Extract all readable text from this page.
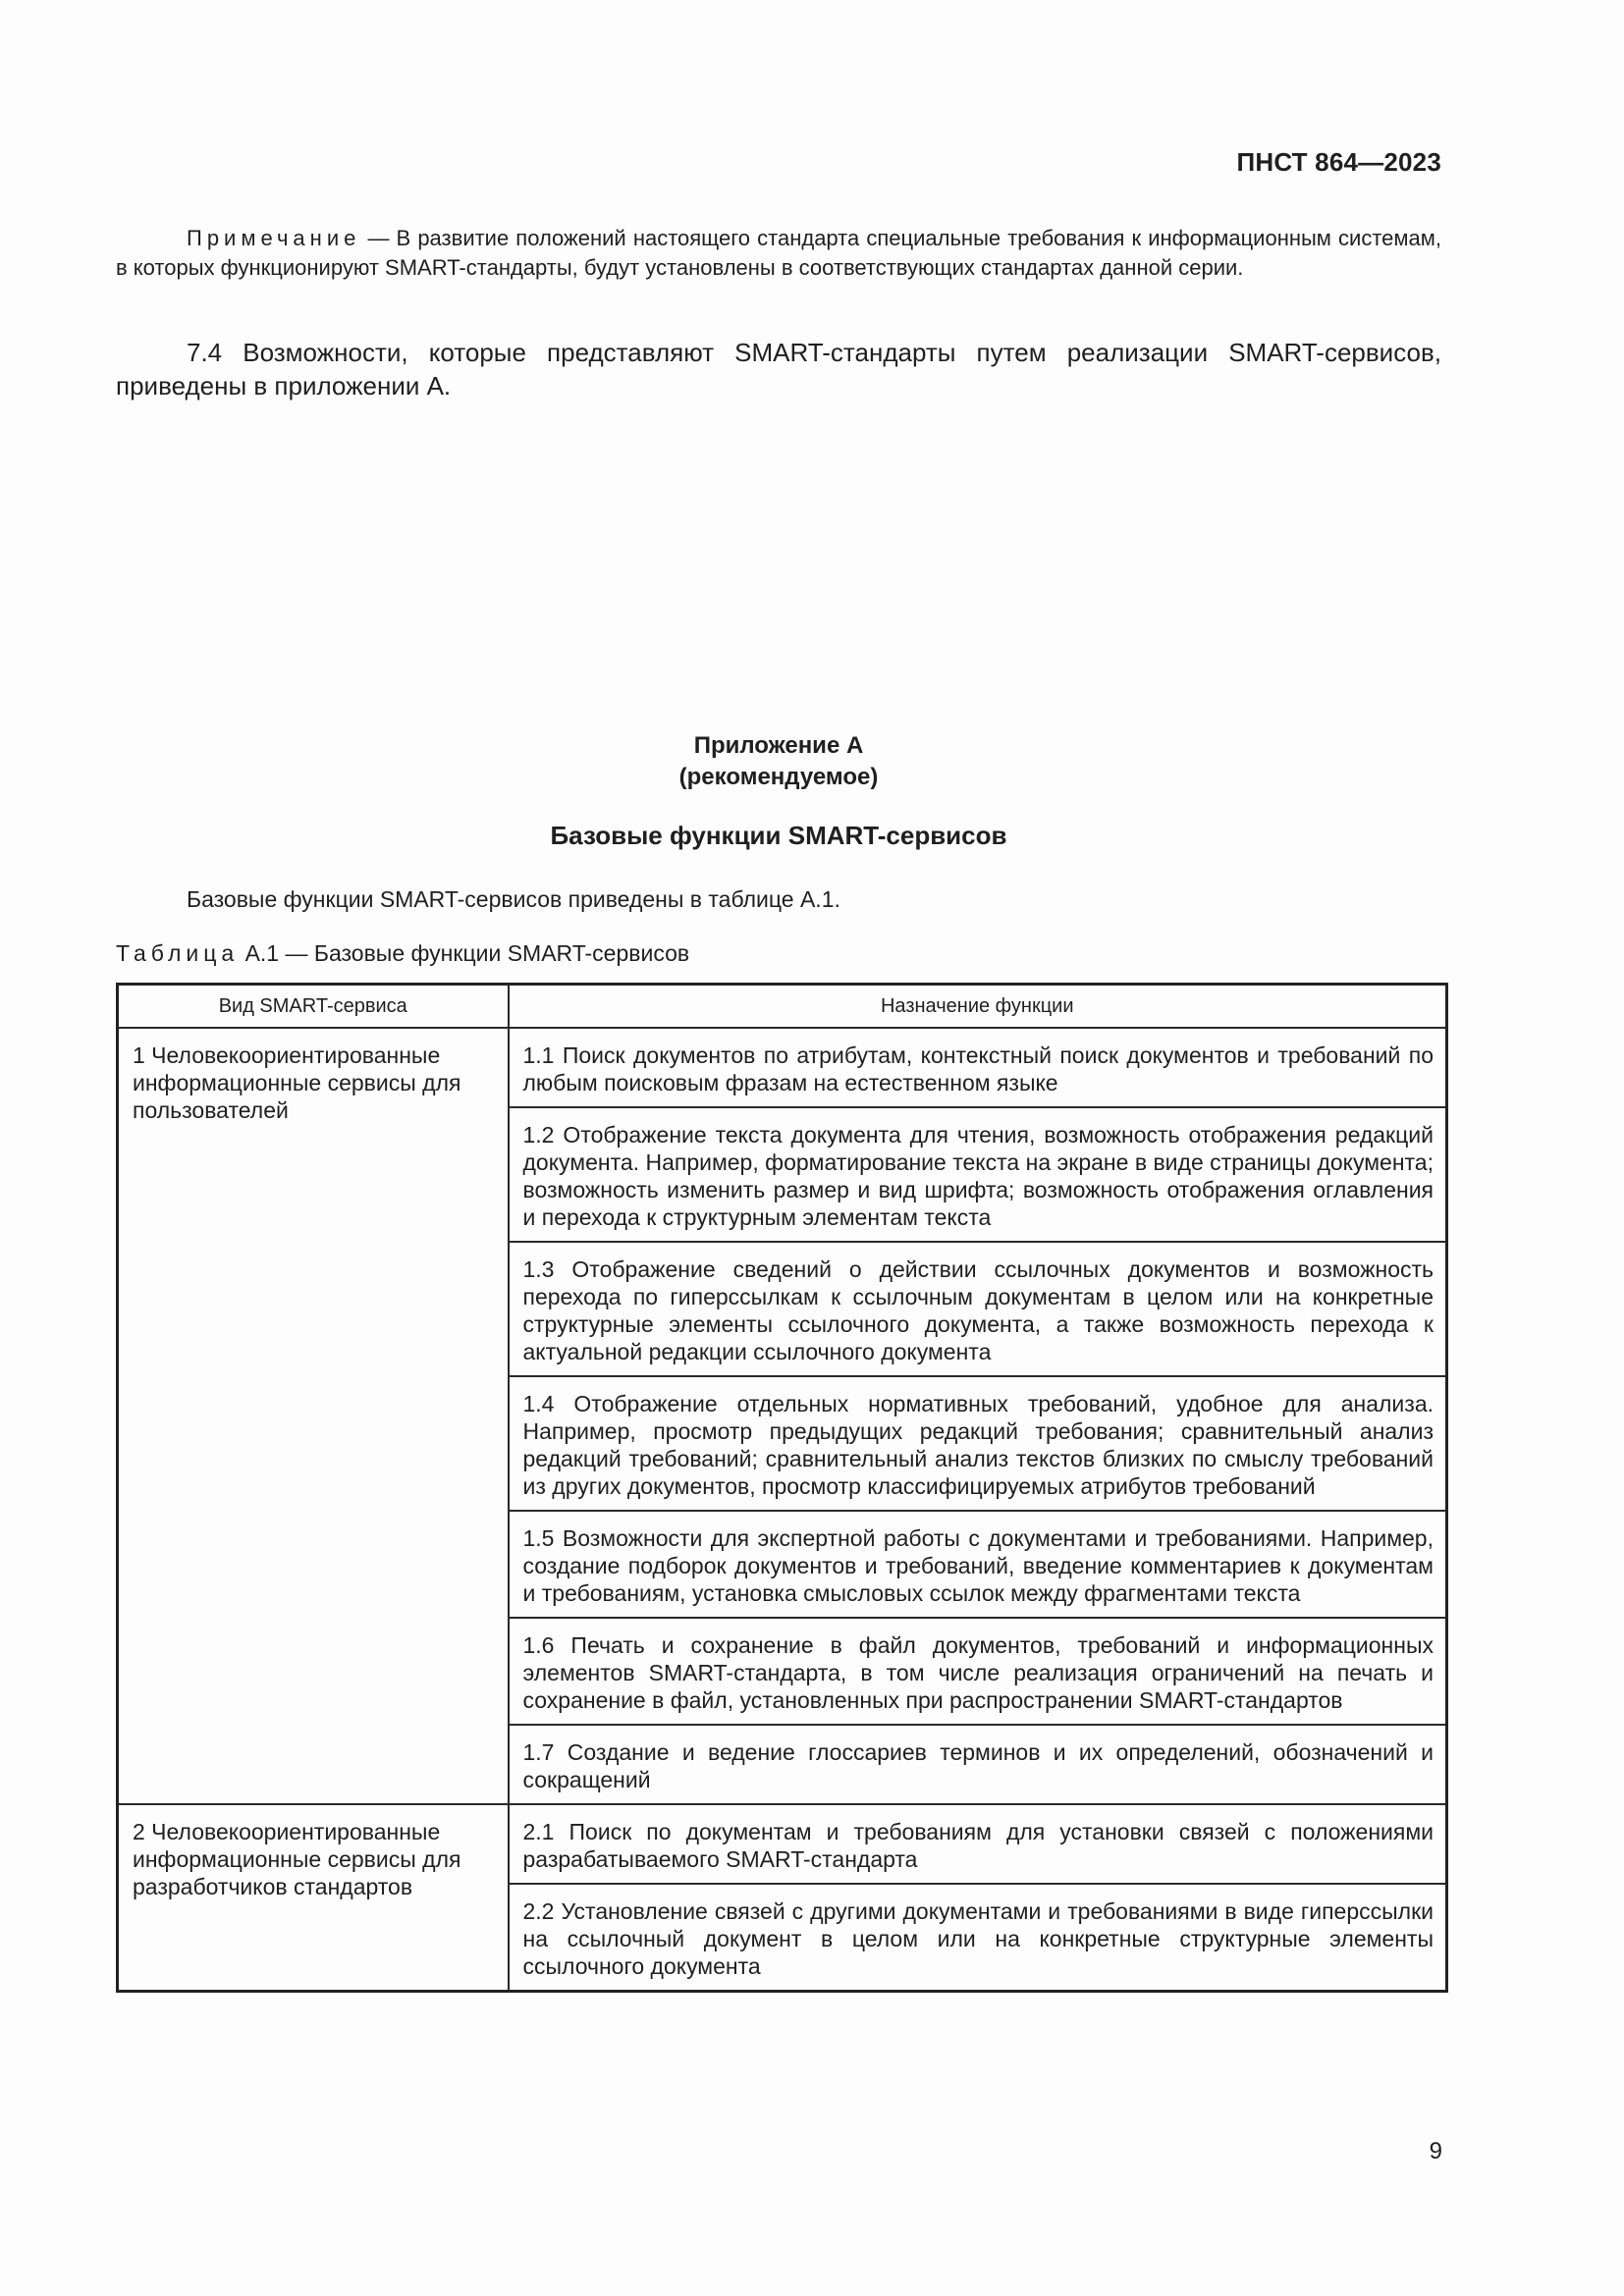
ПНСТ 864—2023

Примечание — В развитие положений настоящего стандарта специальные требования к информационным системам, в которых функционируют SMART-стандарты, будут установлены в соответствующих стандартах данной серии.

7.4 Возможности, которые представляют SMART-стандарты путем реализации SMART-сервисов, приведены в приложении А.

Приложение А
(рекомендуемое)
Базовые функции SMART-сервисов
Базовые функции SMART-сервисов приведены в таблице А.1.
Таблица А.1 — Базовые функции SMART-сервисов
Вид SMART-сервиса	Назначение функции
1 Человекоориентированные информационные сервисы для пользователей	1.1 Поиск документов по атрибутам, контекстный поиск документов и требований по любым поисковым фразам на естественном языке
	1.2 Отображение текста документа для чтения, возможность отображения редакций документа. Например, форматирование текста на экране в виде страницы документа; возможность изменить размер и вид шрифта; возможность отображения оглавления и перехода к структурным элементам текста
	1.3 Отображение сведений о действии ссылочных документов и возможность перехода по гиперссылкам к ссылочным документам в целом или на конкретные структурные элементы ссылочного документа, а также возможность перехода к актуальной редакции ссылочного документа
	1.4 Отображение отдельных нормативных требований, удобное для анализа. Например, просмотр предыдущих редакций требования; сравнительный анализ редакций требований; сравнительный анализ текстов близких по смыслу требований из других документов, просмотр классифицируемых атрибутов требований
	1.5 Возможности для экспертной работы с документами и требованиями. Например, создание подборок документов и требований, введение комментариев к документам и требованиям, установка смысловых ссылок между фрагментами текста
	1.6 Печать и сохранение в файл документов, требований и информационных элементов SMART-стандарта, в том числе реализация ограничений на печать и сохранение в файл, установленных при распространении SMART-стандартов
	1.7 Создание и ведение глоссариев терминов и их определений, обозначений и сокращений
2 Человекоориентированные информационные сервисы для разработчиков стандартов	2.1 Поиск по документам и требованиям для установки связей с положениями разрабатываемого SMART-стандарта
	2.2 Установление связей с другими документами и требованиями в виде гиперссылки на ссылочный документ в целом или на конкретные структурные элементы ссылочного документа
9
